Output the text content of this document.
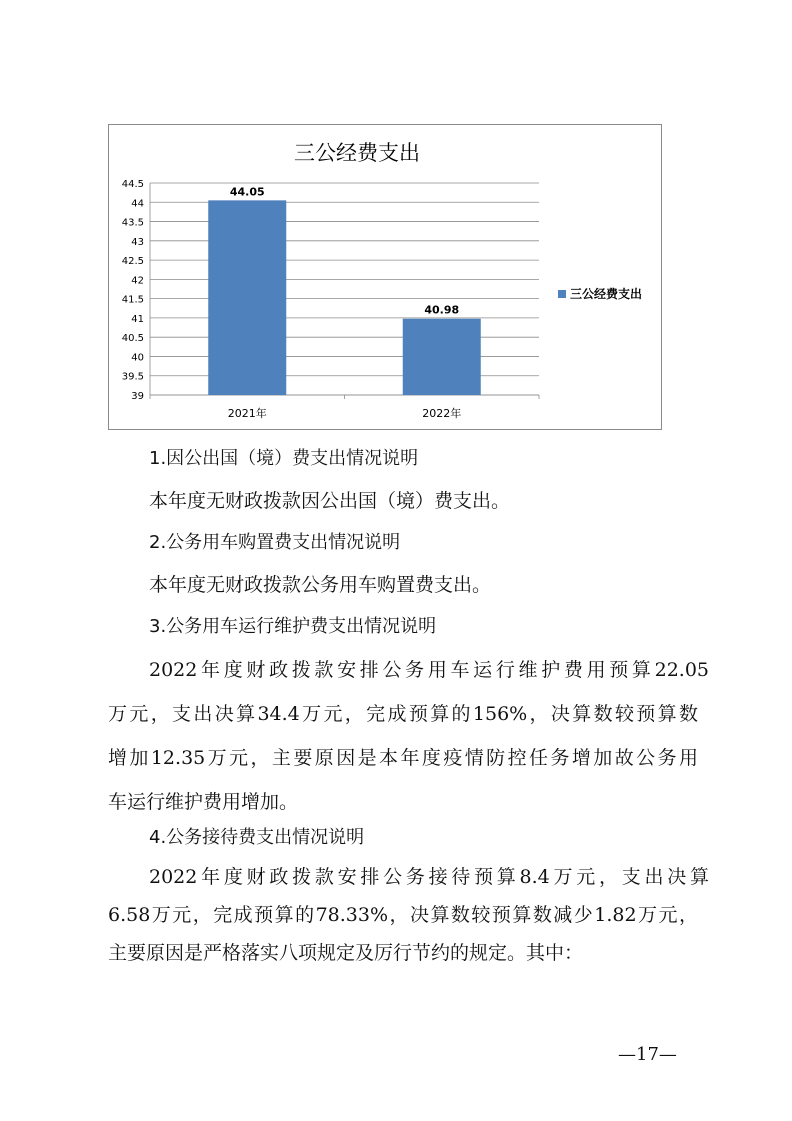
三公经费支出
39
39.5
40
40.5
41
41.5
42
42.5
43
43.5
44
44.5
44.05
2021年
40.98
2022年
三公经费支出
1.因公出国（境）费支出情况说明
本年度无财政拨款因公出国（境）费支出。
2.公务用车购置费支出情况说明
本年度无财政拨款公务用车购置费支出。
3.公务用车运行维护费支出情况说明
2022年度财政拨款安排公务用车运行维护费用预算22.05
万元，支出决算34.4万元，完成预算的156%，决算数较预算数
增加12.35万元，主要原因是本年度疫情防控任务增加故公务用
车运行维护费用增加。
4.公务接待费支出情况说明
2022年度财政拨款安排公务接待预算8.4万元，支出决算
6.58万元，完成预算的78.33%，决算数较预算数减少1.82万元，
主要原因是严格落实八项规定及厉行节约的规定。其中：
—17—
